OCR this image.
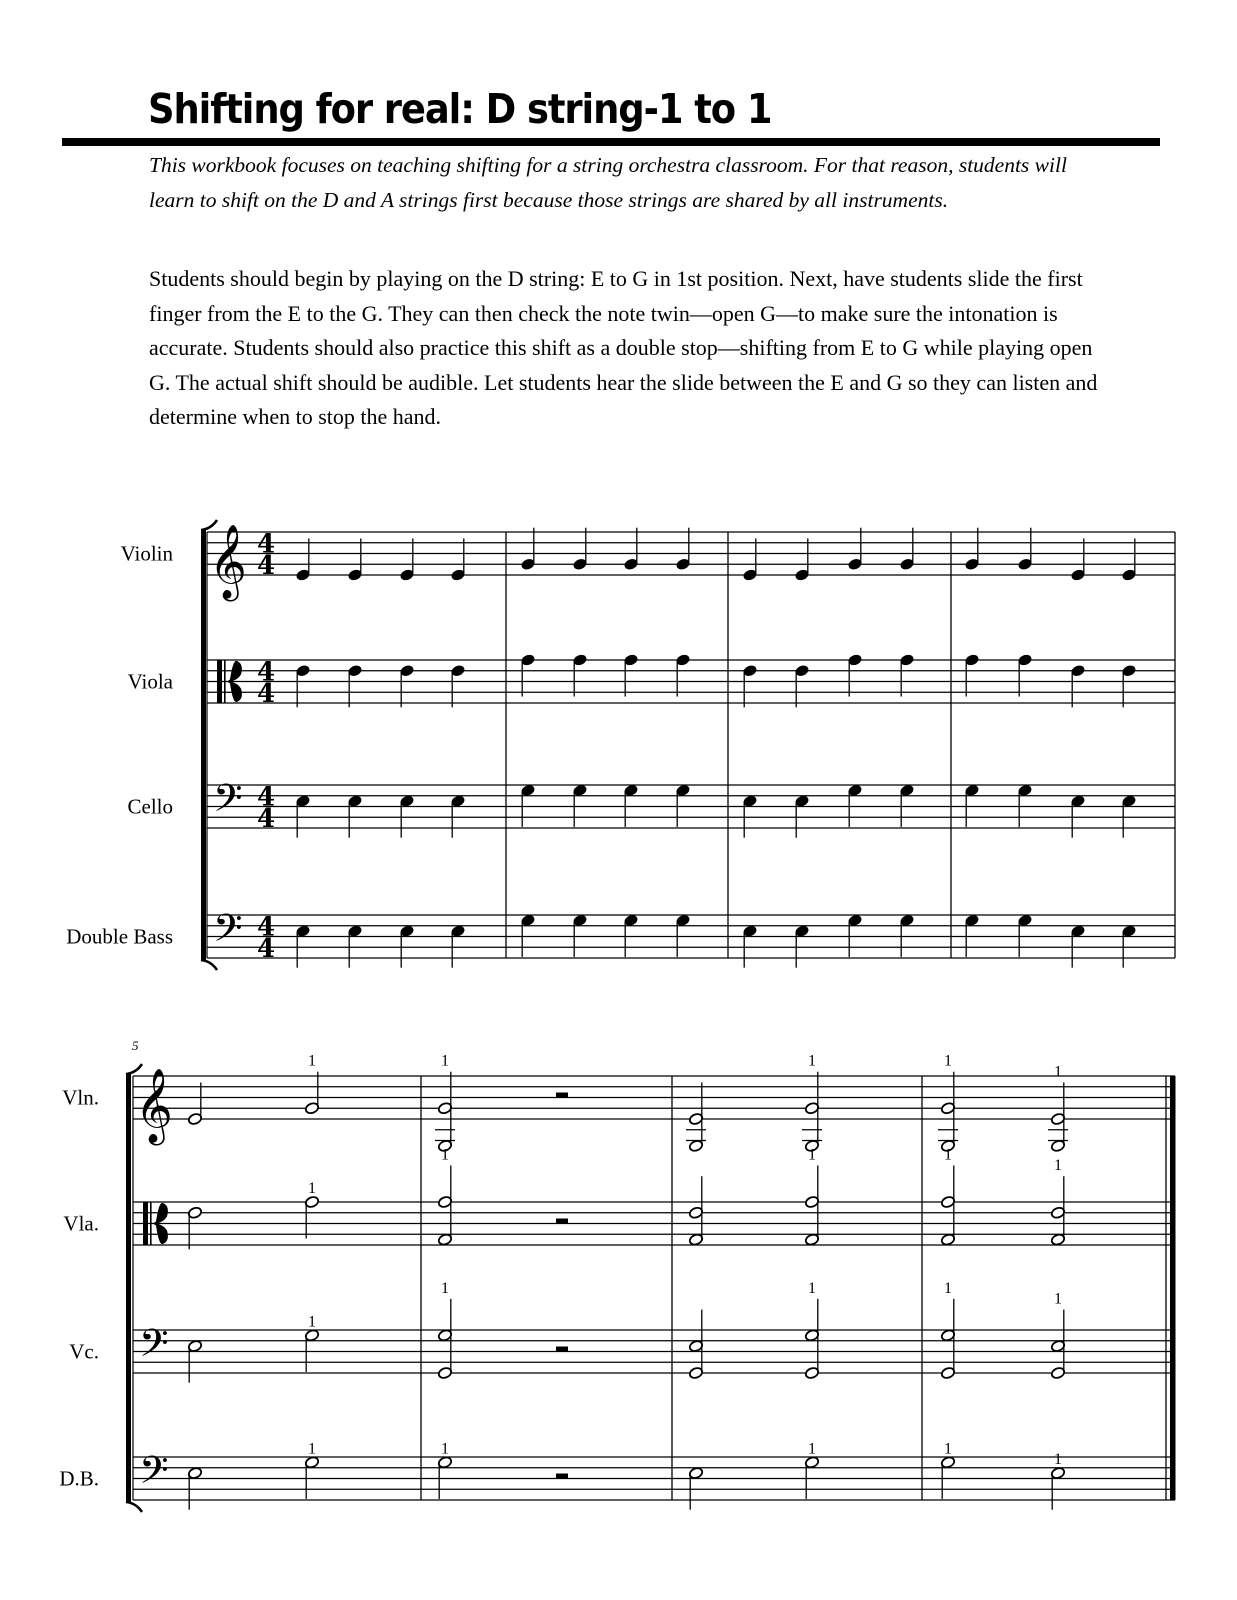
Shifting for real: D string-1 to 1

This workbook focuses on teaching shifting for a string orchestra classroom. For that reason, students will learn to shift on the D and A strings first because those strings are shared by all instruments.

Students should begin by playing on the D string: E to G in 1st position. Next, have students slide the first finger from the E to the G. They can then check the note twin—open G—to make sure the intonation is accurate. Students should also practice this shift as a double stop—shifting from E to G while playing open G. The actual shift should be audible. Let students hear the slide between the E and G so they can listen and determine when to stop the hand.

Violin 𝄞 4
4
Viola	4
4
Cello 𝄢 4
4
Double Bass 𝄢 4
4
5
Vln. 𝄞
1	1	1	1
1
Vla.
1
1	1	1
1
Vc. 𝄢	1
1	1	1
1
D.B. 𝄢	1	1	1	1
1
